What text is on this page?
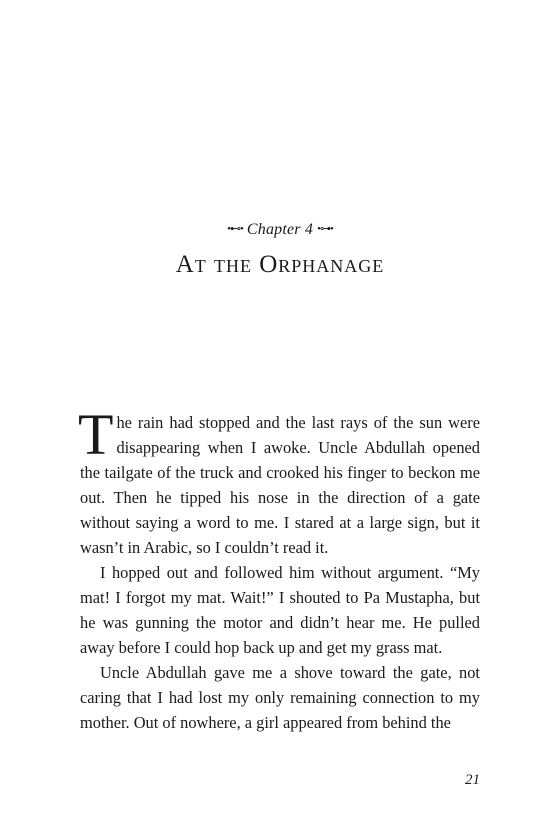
•⊷• Chapter 4 •⊶•
At the Orphanage

The rain had stopped and the last rays of the sun were disappearing when I awoke. Uncle Abdullah opened the tailgate of the truck and crooked his finger to beckon me out. Then he tipped his nose in the direction of a gate without saying a word to me. I stared at a large sign, but it wasn’t in Arabic, so I couldn’t read it.

I hopped out and followed him without argument. “My mat! I forgot my mat. Wait!” I shouted to Pa Mustapha, but he was gunning the motor and didn’t hear me. He pulled away before I could hop back up and get my grass mat.

Uncle Abdullah gave me a shove toward the gate, not caring that I had lost my only remaining connection to my mother. Out of nowhere, a girl appeared from behind the

21
